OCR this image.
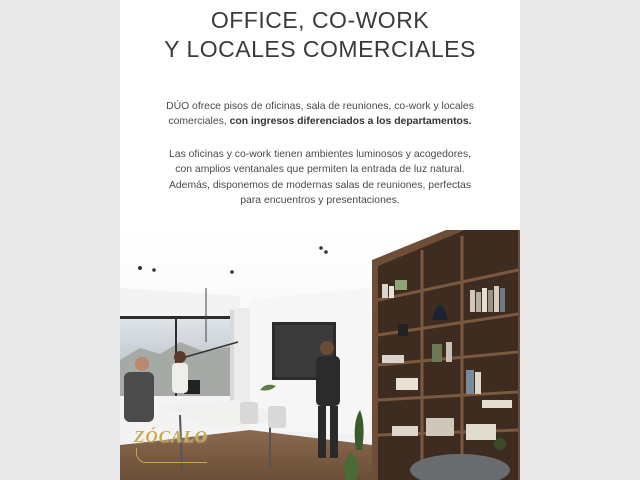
OFFICE, CO-WORK
Y LOCALES COMERCIALES
DÚO ofrece pisos de oficinas, sala de reuniones, co-work y locales
comerciales, con ingresos diferenciados a los departamentos.
Las oficinas y co-work tienen ambientes luminosos y acogedores,
con amplios ventanales que permiten la entrada de luz natural.
Además, disponemos de modernas salas de reuniones, perfectas
para encuentros y presentaciones.
ZÓCALO
